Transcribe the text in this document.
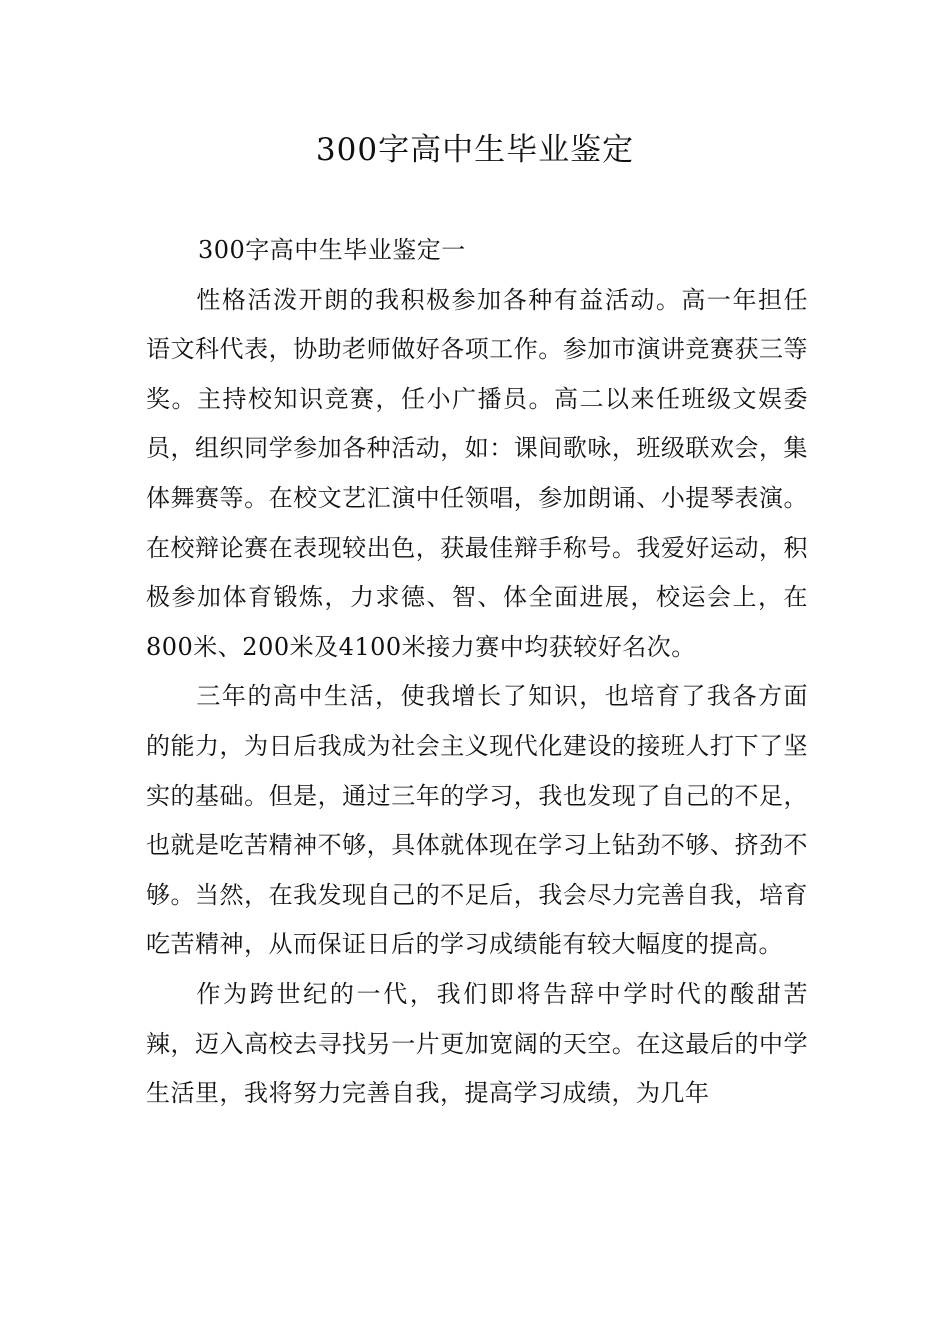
300字高中生毕业鉴定
300字高中生毕业鉴定一

性格活泼开朗的我积极参加各种有益活动。高一年担任语文科代表，协助老师做好各项工作。参加市演讲竞赛获三等奖。主持校知识竞赛，任小广播员。高二以来任班级文娱委员，组织同学参加各种活动，如：课间歌咏，班级联欢会，集体舞赛等。在校文艺汇演中任领唱，参加朗诵、小提琴表演。在校辩论赛在表现较出色，获最佳辩手称号。我爱好运动，积极参加体育锻炼，力求德、智、体全面进展，校运会上，在800米、200米及4100米接力赛中均获较好名次。

三年的高中生活，使我增长了知识，也培育了我各方面的能力，为日后我成为社会主义现代化建设的接班人打下了坚实的基础。但是，通过三年的学习，我也发现了自己的不足，也就是吃苦精神不够，具体就体现在学习上钻劲不够、挤劲不够。当然，在我发现自己的不足后，我会尽力完善自我，培育吃苦精神，从而保证日后的学习成绩能有较大幅度的提高。

作为跨世纪的一代，我们即将告辞中学时代的酸甜苦辣，迈入高校去寻找另一片更加宽阔的天空。在这最后的中学生活里，我将努力完善自我，提高学习成绩，为几年
